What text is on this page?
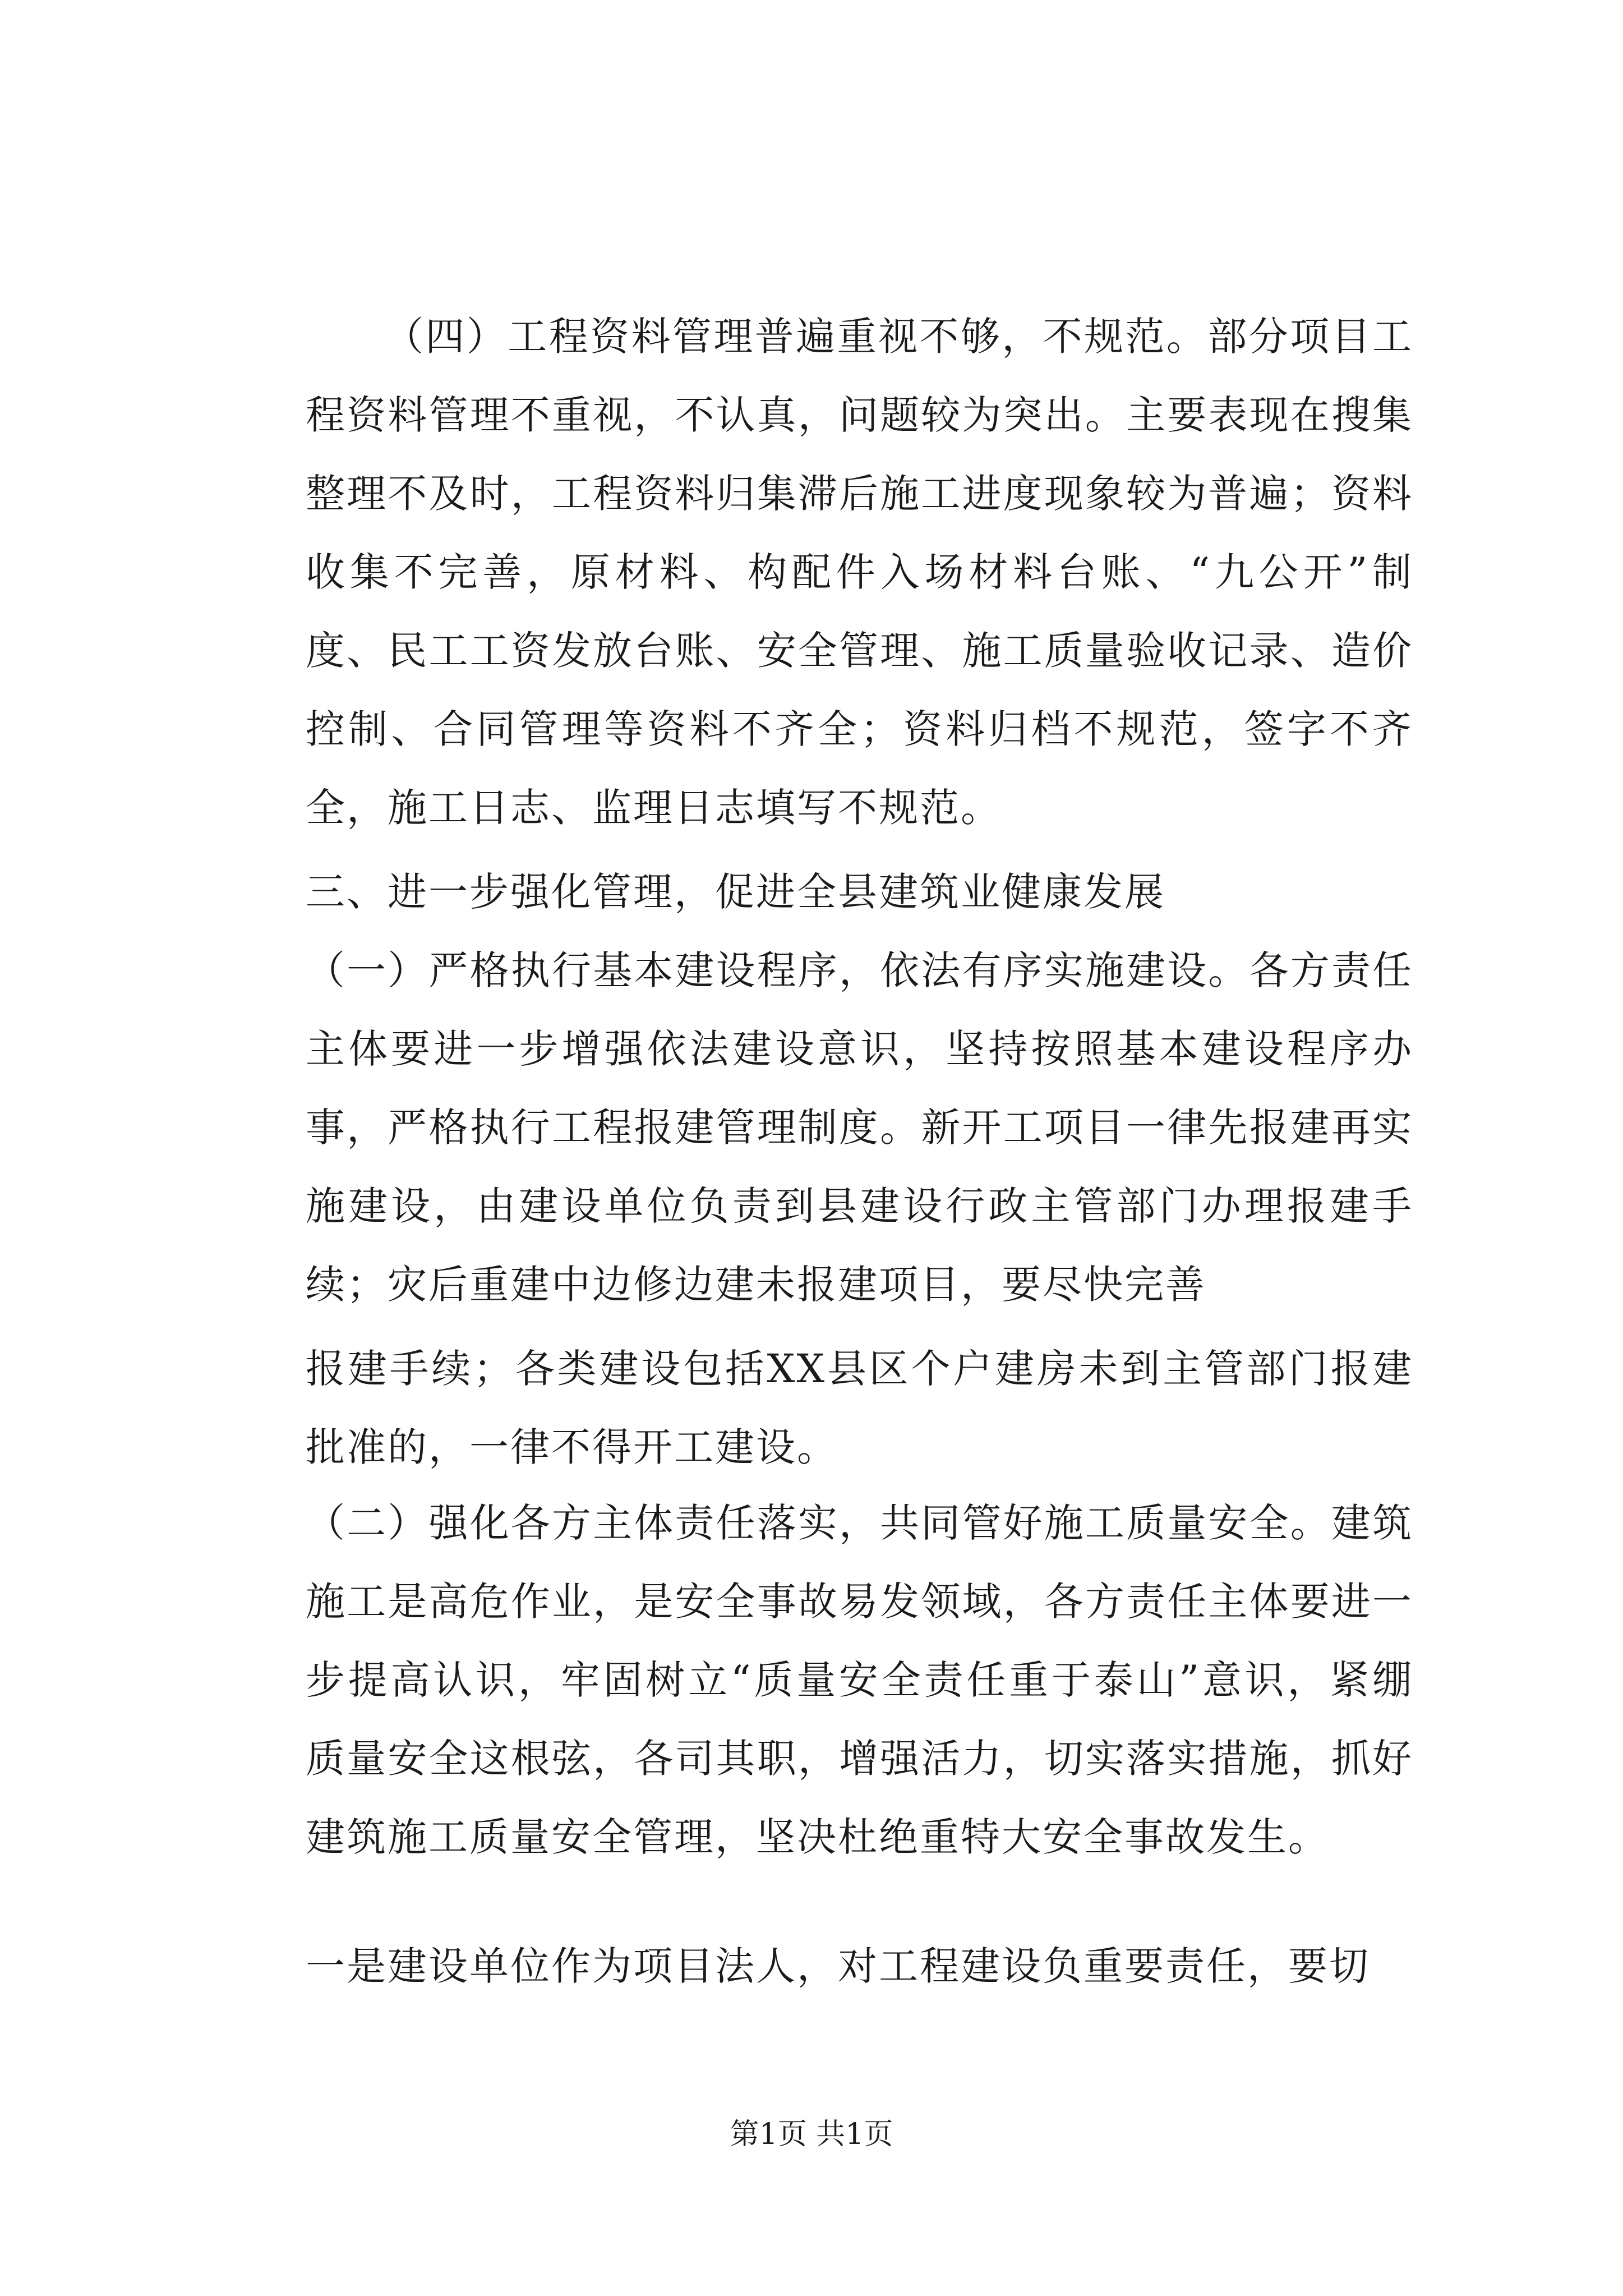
（四）工程资料管理普遍重视不够，不规范。部分项目工程资料管理不重视，不认真，问题较为突出。主要表现在搜集整理不及时，工程资料归集滞后施工进度现象较为普遍；资料收集不完善，原材料、构配件入场材料台账、“九公开”制度、民工工资发放台账、安全管理、施工质量验收记录、造价控制、合同管理等资料不齐全；资料归档不规范，签字不齐全，施工日志、监理日志填写不规范。

三、进一步强化管理，促进全县建筑业健康发展

（一）严格执行基本建设程序，依法有序实施建设。各方责任主体要进一步增强依法建设意识，坚持按照基本建设程序办事，严格执行工程报建管理制度。新开工项目一律先报建再实施建设，由建设单位负责到县建设行政主管部门办理报建手续；灾后重建中边修边建未报建项目，要尽快完善

报建手续；各类建设包括XX县区个户建房未到主管部门报建批准的，一律不得开工建设。

（二）强化各方主体责任落实，共同管好施工质量安全。建筑施工是高危作业，是安全事故易发领域，各方责任主体要进一步提高认识，牢固树立“质量安全责任重于泰山”意识，紧绷质量安全这根弦，各司其职，增强活力，切实落实措施，抓好建筑施工质量安全管理，坚决杜绝重特大安全事故发生。

一是建设单位作为项目法人，对工程建设负重要责任，要切

第1页 共1页
